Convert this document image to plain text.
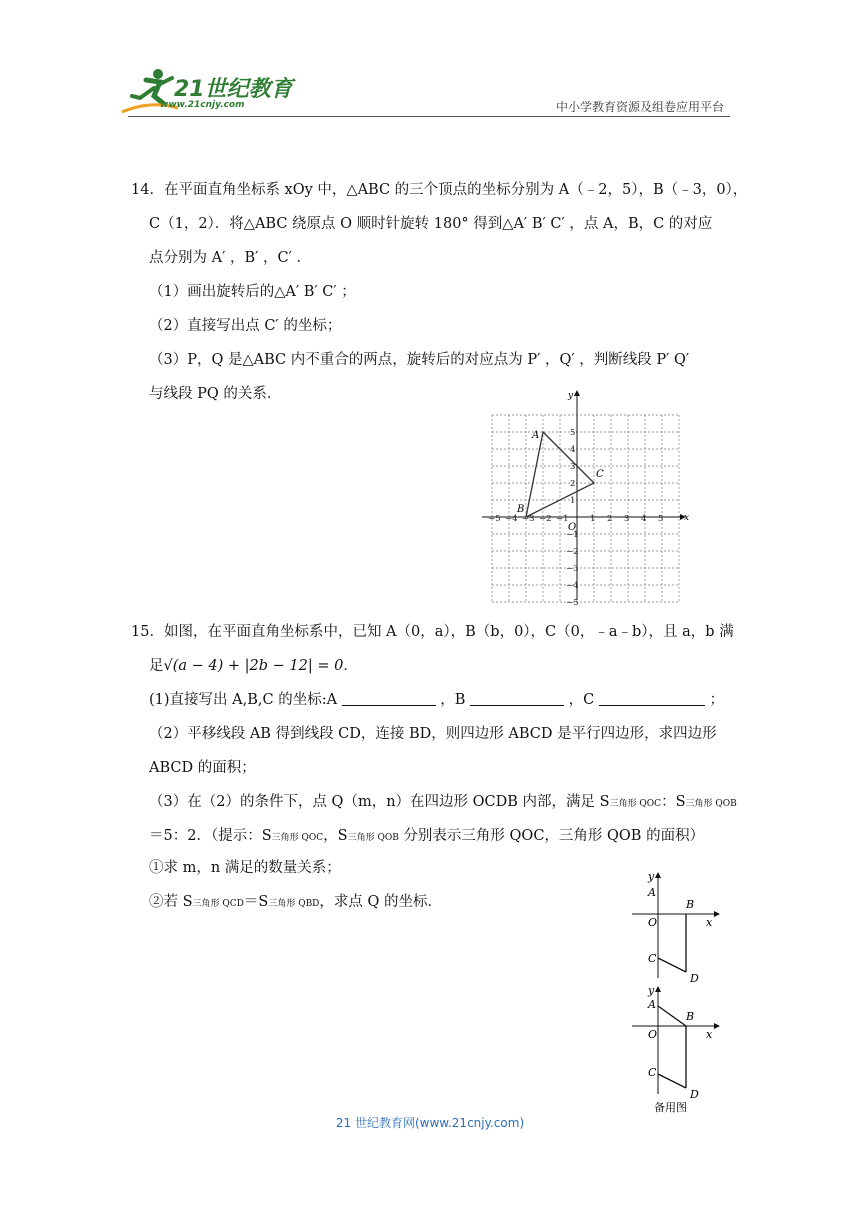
21世纪教育
www.21cnjy.com	中小学教育资源及组卷应用平台
14．在平面直角坐标系 xOy 中，△ABC 的三个顶点的坐标分别为 A（﹣2，5），B（﹣3，0），
C（1，2）．将△ABC 绕原点 O 顺时针旋转 180° 得到△A′ B′ C′ ，点 A，B，C 的对应
点分别为 A′ ，B′ ，C′ ．
（1）画出旋转后的△A′ B′ C′ ；
（2）直接写出点 C′ 的坐标；
（3）P，Q 是△ABC 内不重合的两点，旋转后的对应点为 P′ ，Q′ ，判断线段 P′ Q′
与线段 PQ 的关系．
A
B
C
O
x
y
−5 −4 −3 −2 −1	1 2 3 4 5
5
4
3
2
1
−1
−2
−3
−4
−5
15．如图，在平面直角坐标系中，已知 A（0，a），B（b，0），C（0，﹣a﹣b），且 a，b 满
足√(a − 4) + |2b − 12| = 0．
(1)直接写出 A,B,C 的坐标:A	，B	，C	；
（2）平移线段 AB 得到线段 CD，连接 BD，则四边形 ABCD 是平行四边形，求四边形
ABCD 的面积；
（3）在（2）的条件下，点 Q（m，n）在四边形 OCDB 内部，满足 S三角形 QOC：S三角形 QOB
＝5：2．（提示：S三角形 QOC，S三角形 QOB 分别表示三角形 QOC，三角形 QOB 的面积）
①求 m，n 满足的数量关系；
②若 S三角形 QCD＝S三角形 QBD，求点 Q 的坐标．
y
A
O
B
x
C
D
y
A
O
B
x
C
D
备用图
21 世纪教育网(www.21cnjy.com)
